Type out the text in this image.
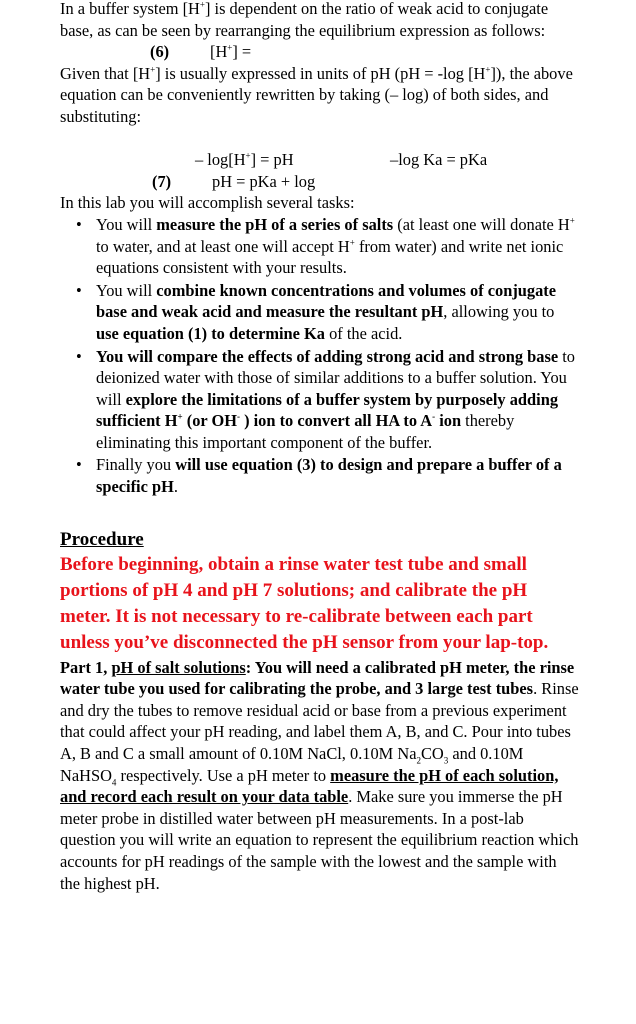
In a buffer system [H+] is dependent on the ratio of weak acid to conjugate base, as can be seen by rearranging the equilibrium expression as follows:

(6) [H+] =

Given that [H+] is usually expressed in units of pH (pH = -log [H+]), the above equation can be conveniently rewritten by taking (– log) of both sides, and substituting:

– log[H+] = pH	–log Ka = pKa
(7) pH = pKa + log

In this lab you will accomplish several tasks:

• You will measure the pH of a series of salts (at least one will donate H+ to water, and at least one will accept H+ from water) and write net ionic equations consistent with your results.
• You will combine known concentrations and volumes of conjugate base and weak acid and measure the resultant pH, allowing you to use equation (1) to determine Ka of the acid.
• You will compare the effects of adding strong acid and strong base to deionized water with those of similar additions to a buffer solution. You will explore the limitations of a buffer system by purposely adding sufficient H+ (or OH- ) ion to convert all HA to A- ion thereby eliminating this important component of the buffer.
• Finally you will use equation (3) to design and prepare a buffer of a specific pH.
Procedure

Before beginning, obtain a rinse water test tube and small portions of pH 4 and pH 7 solutions; and calibrate the pH meter. It is not necessary to re-calibrate between each part unless you’ve disconnected the pH sensor from your lap-top.

Part 1, pH of salt solutions: You will need a calibrated pH meter, the rinse water tube you used for calibrating the probe, and 3 large test tubes. Rinse and dry the tubes to remove residual acid or base from a previous experiment that could affect your pH reading, and label them A, B, and C. Pour into tubes A, B and C a small amount of 0.10M NaCl, 0.10M $Na_2CO_3$ and 0.10M NaHSO$_4$ respectively. Use a pH meter to measure the pH of each solution, and record each result on your data table. Make sure you immerse the pH meter probe in distilled water between pH measurements. In a post-lab question you will write an equation to represent the equilibrium reaction which accounts for pH readings of the sample with the lowest and the sample with the highest pH.
